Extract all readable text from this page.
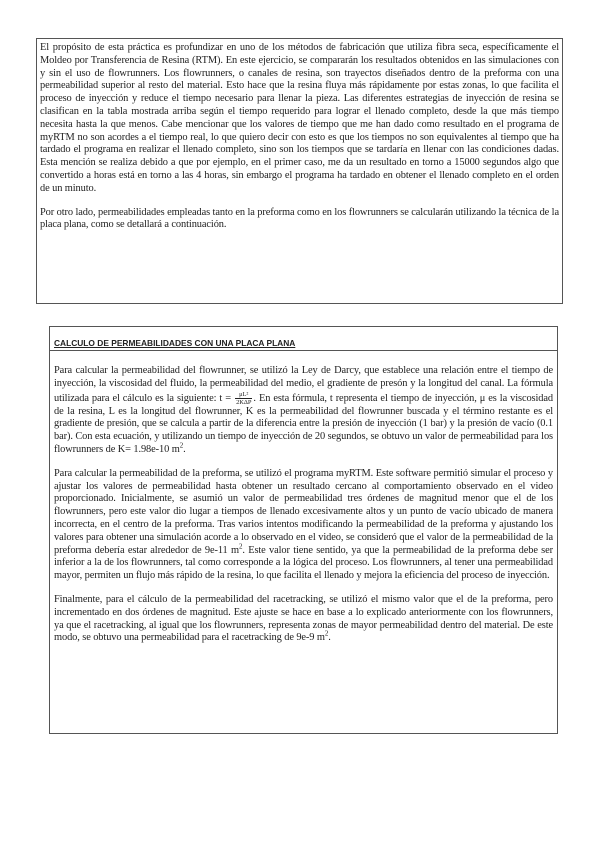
El propósito de esta práctica es profundizar en uno de los métodos de fabricación que utiliza fibra seca, específicamente el Moldeo por Transferencia de Resina (RTM). En este ejercicio, se compararán los resultados obtenidos en las simulaciones con y sin el uso de flowrunners. Los flowrunners, o canales de resina, son trayectos diseñados dentro de la preforma con una permeabilidad superior al resto del material. Esto hace que la resina fluya más rápidamente por estas zonas, lo que facilita el proceso de inyección y reduce el tiempo necesario para llenar la pieza. Las diferentes estrategias de inyección de resina se clasifican en la tabla mostrada arriba según el tiempo requerido para lograr el llenado completo, desde la que más tiempo necesita hasta la que menos. Cabe mencionar que los valores de tiempo que me han dado como resultado en el programa de myRTM no son acordes a el tiempo real, lo que quiero decir con esto es que los tiempos no son equivalentes al tiempo que ha tardado el programa en realizar el llenado completo, sino son los tiempos que se tardaría en llenar con las condiciones dadas. Esta mención se realiza debido a que por ejemplo, en el primer caso, me da un resultado en torno a 15000 segundos algo que convertido a horas está en torno a las 4 horas, sin embargo el programa ha tardado en obtener el llenado completo en el orden de un minuto.

Por otro lado, permeabilidades empleadas tanto en la preforma como en los flowrunners se calcularán utilizando la técnica de la placa plana, como se detallará a continuación.

CALCULO DE PERMEABILIDADES CON UNA PLACA PLANA

Para calcular la permeabilidad del flowrunner, se utilizó la Ley de Darcy, que establece una relación entre el tiempo de inyección, la viscosidad del fluido, la permeabilidad del medio, el gradiente de presón y la longitud del canal. La fórmula utilizada para el cálculo es la siguiente: $t = \frac{\text{μL²}}{\text{2KΔP}}$ . En esta fórmula, t representa el tiempo de inyección, μ es la viscosidad de la resina, L es la longitud del flowrunner, K es la permeabilidad del flowrunner buscada y el término restante es el gradiente de presión, que se calcula a partir de la diferencia entre la presión de inyección (1 bar) y la presión de vacío (0.1 bar). Con esta ecuación, y utilizando un tiempo de inyección de 20 segundos, se obtuvo un valor de permeabilidad para los flowrunners de K= 1.98e-10 $m^2$.

Para calcular la permeabilidad de la preforma, se utilizó el programa myRTM. Este software permitió simular el proceso y ajustar los valores de permeabilidad hasta obtener un resultado cercano al comportamiento observado en el video proporcionado. Inicialmente, se asumió un valor de permeabilidad tres órdenes de magnitud menor que el de los flowrunners, pero este valor dio lugar a tiempos de llenado excesivamente altos y un punto de vacío ubicado de manera incorrecta, en el centro de la preforma. Tras varios intentos modificando la permeabilidad de la preforma y ajustando los valores para obtener una simulación acorde a lo observado en el video, se consideró que el valor de la permeabilidad de la preforma debería estar alrededor de 9e-11 $m^2$. Este valor tiene sentido, ya que la permeabilidad de la preforma debe ser inferior a la de los flowrunners, tal como corresponde a la lógica del proceso. Los flowrunners, al tener una permeabilidad mayor, permiten un flujo más rápido de la resina, lo que facilita el llenado y mejora la eficiencia del proceso de inyección.

Finalmente, para el cálculo de la permeabilidad del racetracking, se utilizó el mismo valor que el de la preforma, pero incrementado en dos órdenes de magnitud. Este ajuste se hace en base a lo explicado anteriormente con los flowrunners, ya que el racetracking, al igual que los flowrunners, representa zonas de mayor permeabilidad dentro del material. De este modo, se obtuvo una permeabilidad para el racetracking de 9e-9 $m^2$.
